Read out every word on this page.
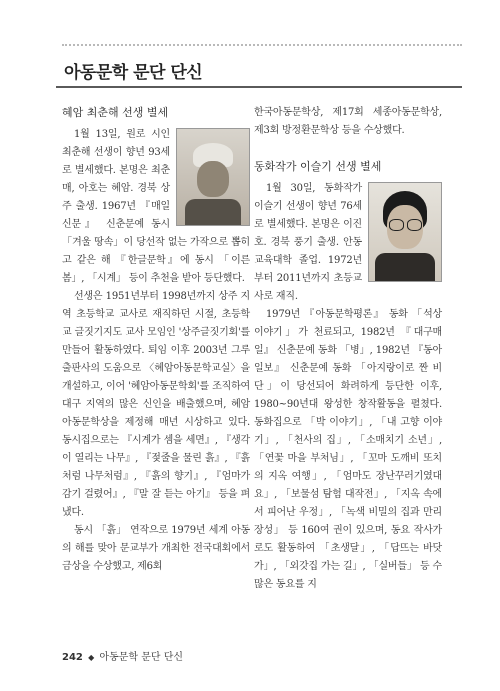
아동문학 문단 단신
혜암 최춘해 선생 별세

1월 13일, 원로 시인 최춘해 선생이 향년 93세로 별세했다. 본명은 최춘매, 아호는 혜암. 경북 상주 출생. 1967년 『매일신문』 신춘문예 동시 「겨울 땅속」이 당선작 없는 가작으로 뽑히고 같은 해 『한글문학』에 동시 「이른 봄」, 「시계」 등이 추천을 받아 등단했다.

선생은 1951년부터 1998년까지 상주 지역 초등학교 교사로 재직하던 시절, 초등학교 글짓기지도 교사 모임인 '상주글짓기회'를 만들어 활동하였다. 퇴임 이후 2003년 그루출판사의 도움으로 〈혜암아동문학교실〉을 개설하고, 이어 '혜암아동문학회'를 조직하여 대구 지역의 많은 신인을 배출했으며, 혜암아동문학상을 제정해 매년 시상하고 있다. 동시집으로는 『시계가 셈을 세면』, 『생각이 열리는 나무』, 『젖줄을 물린 흙』, 『흙처럼 나무처럼』, 『흙의 향기』, 『엄마가 감기 걸렸어』, 『말 잘 듣는 아기』 등을 펴냈다.

동시 「흙」 연작으로 1979년 세계 아동의 해를 맞아 문교부가 개최한 전국대회에서 금상을 수상했고, 제6회

한국아동문학상, 제17회 세종아동문학상, 제3회 방정환문학상 등을 수상했다.

동화작가 이슬기 선생 별세

1월 30일, 동화작가 이슬기 선생이 향년 76세로 별세했다. 본명은 이진호. 경북 풍기 출생. 안동교육대학 졸업. 1972년부터 2011년까지 초등교사로 재직.

1979년 『아동문학평론』 동화 「석상 이야기」가 천료되고, 1982년 『대구매일』 신춘문예 동화 「병」, 1982년 『동아일보』 신춘문예 동화 「아지랑이로 짠 비단」이 당선되어 화려하게 등단한 이후, 1980~90년대 왕성한 창작활동을 펼쳤다. 동화집으로 「박 이야기」, 「내 고향 이야기」, 「천사의 집」, 「소매치기 소년」, 「연꽃 마을 부처님」, 「꼬마 도깨비 또치의 지옥 여행」, 「엄마도 장난꾸러기였대요」, 「보물섬 탐험 대작전」, 「지옥 속에서 피어난 우정」, 「녹색 비밀의 집과 만리장성」 등 160여 권이 있으며, 동요 작사가로도 활동하여 「초생달」, 「답뜨는 바닷가」, 「외갓집 가는 길」, 「실버들」 등 수많은 동요를 지

242 ◆ 아동문학 문단 단신
